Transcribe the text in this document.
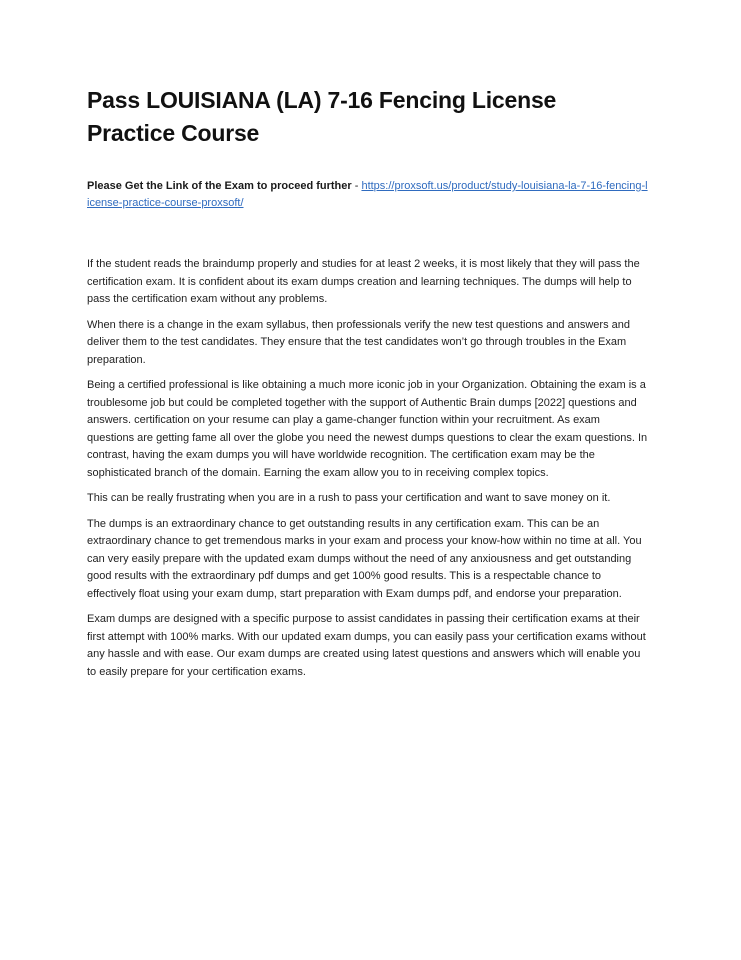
Pass LOUISIANA (LA) 7-16 Fencing License Practice Course

Please Get the Link of the Exam to proceed further - https://proxsoft.us/product/study-louisiana-la-7-16-fencing-license-practice-course-proxsoft/

If the student reads the braindump properly and studies for at least 2 weeks, it is most likely that they will pass the certification exam. It is confident about its exam dumps creation and learning techniques. The dumps will help to pass the certification exam without any problems.

When there is a change in the exam syllabus, then professionals verify the new test questions and answers and deliver them to the test candidates. They ensure that the test candidates won’t go through troubles in the Exam preparation.

Being a certified professional is like obtaining a much more iconic job in your Organization. Obtaining the exam is a troublesome job but could be completed together with the support of Authentic Brain dumps [2022] questions and answers. certification on your resume can play a game-changer function within your recruitment. As exam questions are getting fame all over the globe you need the newest dumps questions to clear the exam questions. In contrast, having the exam dumps you will have worldwide recognition. The certification exam may be the sophisticated branch of the domain. Earning the exam allow you to in receiving complex topics.

This can be really frustrating when you are in a rush to pass your certification and want to save money on it.

The dumps is an extraordinary chance to get outstanding results in any certification exam. This can be an extraordinary chance to get tremendous marks in your exam and process your know-how within no time at all. You can very easily prepare with the updated exam dumps without the need of any anxiousness and get outstanding good results with the extraordinary pdf dumps and get 100% good results. This is a respectable chance to effectively float using your exam dump, start preparation with Exam dumps pdf, and endorse your preparation.

Exam dumps are designed with a specific purpose to assist candidates in passing their certification exams at their first attempt with 100% marks. With our updated exam dumps, you can easily pass your certification exams without any hassle and with ease. Our exam dumps are created using latest questions and answers which will enable you to easily prepare for your certification exams.
